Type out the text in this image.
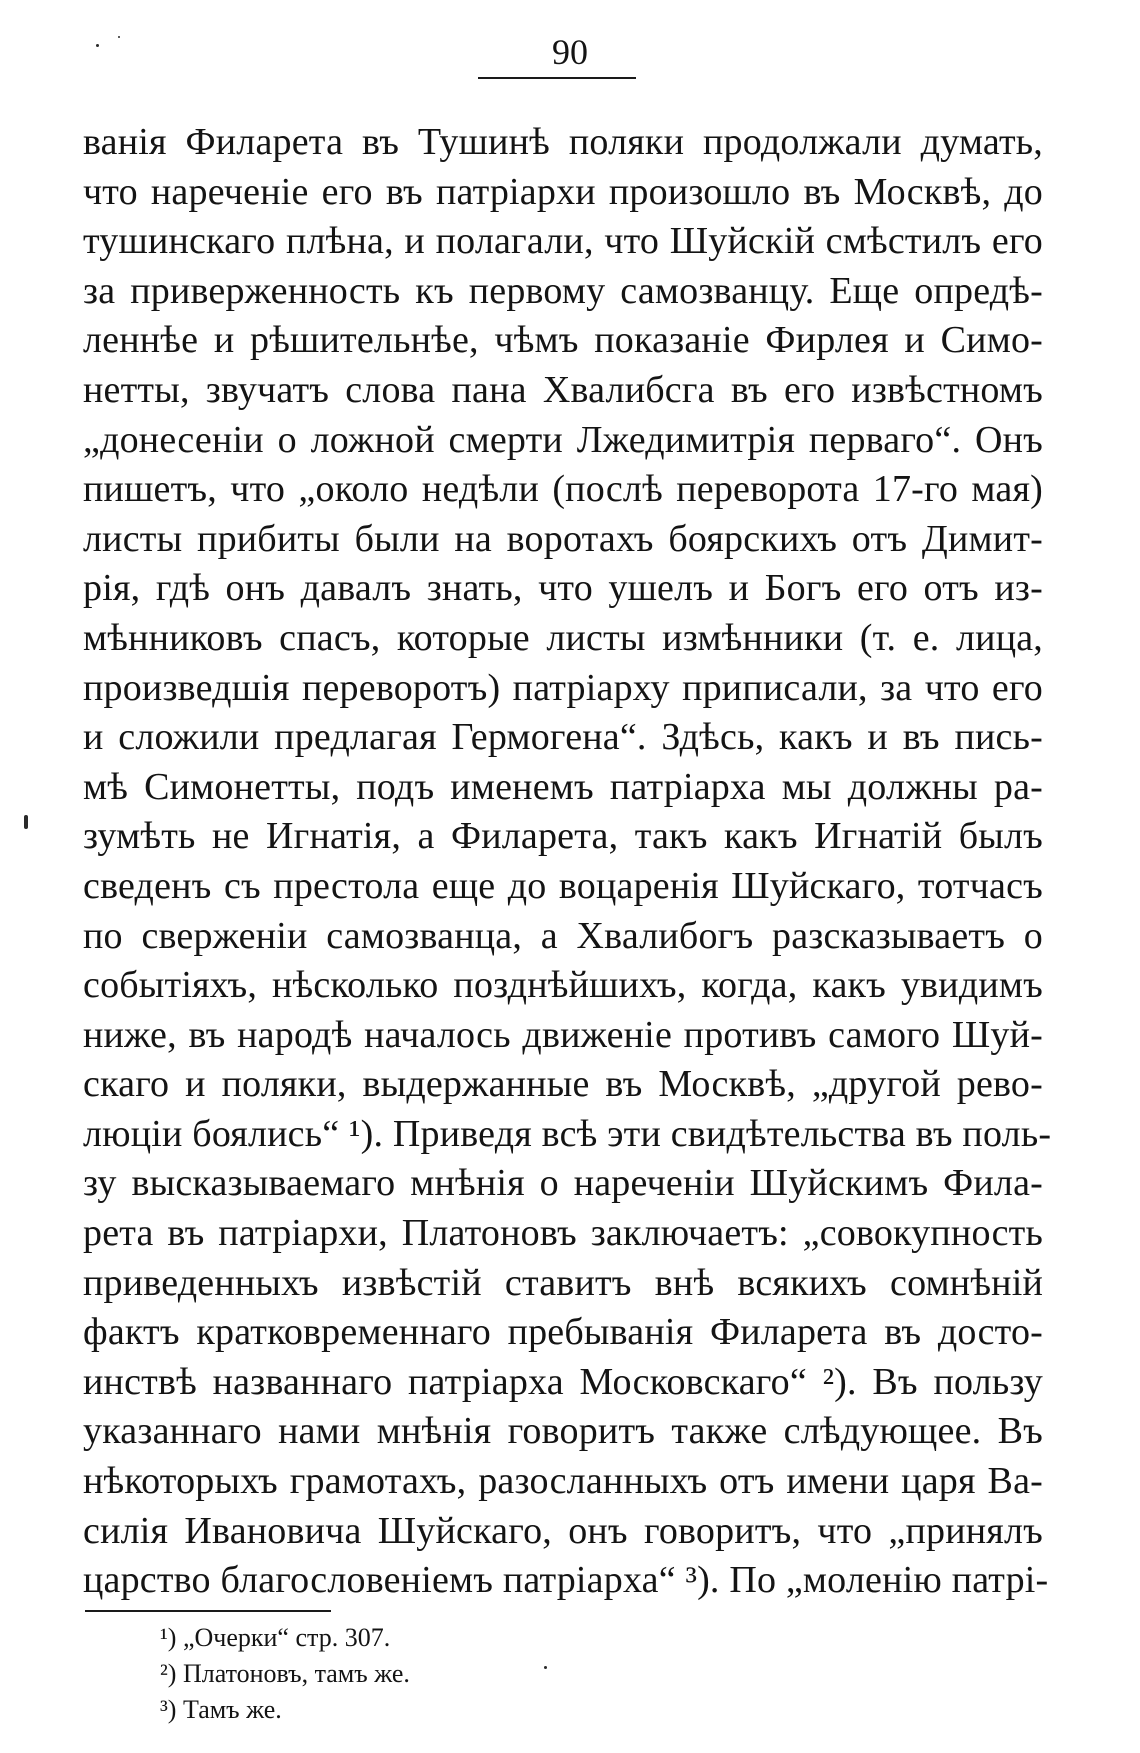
90
ванія Филарета въ Тушинѣ поляки продолжали думать,
что нареченіе его въ патріархи произошло въ Москвѣ, до
тушинскаго плѣна, и полагали, что Шуйскій смѣстилъ его
за приверженность къ первому самозванцу. Еще опредѣ-
леннѣе и рѣшительнѣе, чѣмъ показаніе Фирлея и Симо-
нетты, звучатъ слова пана Хвалибсга въ его извѣстномъ
„донесеніи о ложной смерти Лжедимитрія перваго“. Онъ
пишетъ, что „около недѣли (послѣ переворота 17-го мая)
листы прибиты были на воротахъ боярскихъ отъ Димит-
рія, гдѣ онъ давалъ знать, что ушелъ и Богъ его отъ из-
мѣнниковъ спасъ, которые листы измѣнники (т. е. лица,
произведшія переворотъ) патріарху приписали, за что его
и сложили предлагая Гермогена“. Здѣсь, какъ и въ пись-
мѣ Симонетты, подъ именемъ патріарха мы должны ра-
зумѣть не Игнатія, а Филарета, такъ какъ Игнатій былъ
сведенъ съ престола еще до воцаренія Шуйскаго, тотчасъ
по сверженіи самозванца, а Хвалибогъ разсказываетъ о
событіяхъ, нѣсколько позднѣйшихъ, когда, какъ увидимъ
ниже, въ народѣ началось движеніе противъ самого Шуй-
скаго и поляки, выдержанные въ Москвѣ, „другой рево-
люціи боялись“ ¹). Приведя всѣ эти свидѣтельства въ поль-
зу высказываемаго мнѣнія о нареченіи Шуйскимъ Фила-
рета въ патріархи, Платоновъ заключаетъ: „совокупность
приведенныхъ извѣстій ставитъ внѣ всякихъ сомнѣній
фактъ кратковременнаго пребыванія Филарета въ досто-
инствѣ названнаго патріарха Московскаго“ ²). Въ пользу
указаннаго нами мнѣнія говоритъ также слѣдующее. Въ
нѣкоторыхъ грамотахъ, разосланныхъ отъ имени царя Ва-
силія Ивановича Шуйскаго, онъ говоритъ, что „принялъ
царство благословеніемъ патріарха“ ³). По „моленію патрі-
¹) „Очерки“ стр. 307.
²) Платоновъ, тамъ же.
³) Тамъ же.
